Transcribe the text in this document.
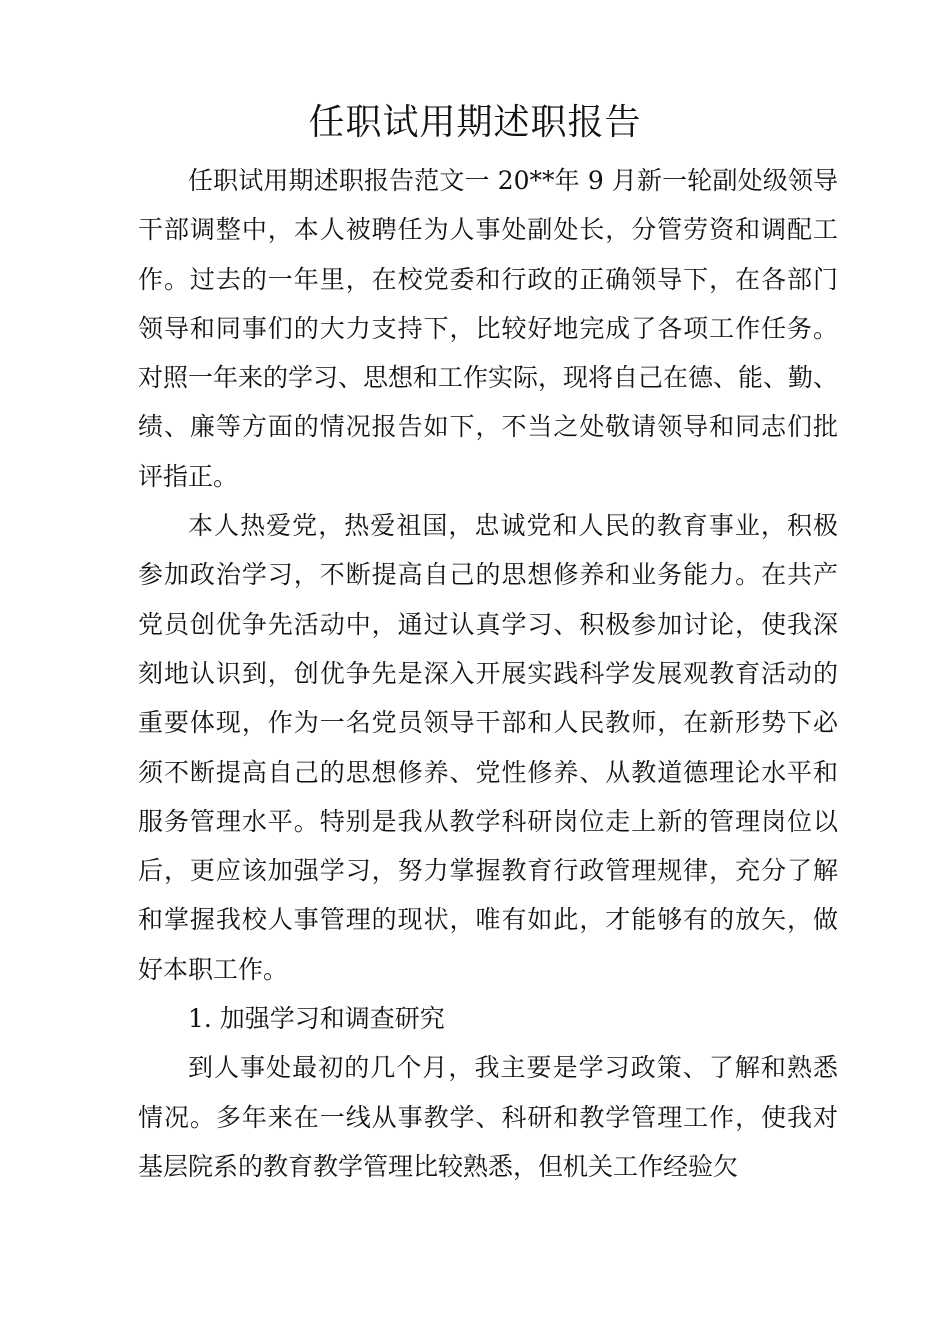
任职试用期述职报告
任职试用期述职报告范文一 20**年 9 月新一轮副处级领导
干部调整中，本人被聘任为人事处副处长，分管劳资和调配工
作。过去的一年里，在校党委和行政的正确领导下，在各部门
领导和同事们的大力支持下，比较好地完成了各项工作任务。
对照一年来的学习、思想和工作实际，现将自己在德、能、勤、
绩、廉等方面的情况报告如下，不当之处敬请领导和同志们批
评指正。
本人热爱党，热爱祖国，忠诚党和人民的教育事业，积极
参加政治学习，不断提高自己的思想修养和业务能力。在共产
党员创优争先活动中，通过认真学习、积极参加讨论，使我深
刻地认识到，创优争先是深入开展实践科学发展观教育活动的
重要体现，作为一名党员领导干部和人民教师，在新形势下必
须不断提高自己的思想修养、党性修养、从教道德理论水平和
服务管理水平。特别是我从教学科研岗位走上新的管理岗位以
后，更应该加强学习，努力掌握教育行政管理规律，充分了解
和掌握我校人事管理的现状，唯有如此，才能够有的放矢，做
好本职工作。
1. 加强学习和调查研究
到人事处最初的几个月，我主要是学习政策、了解和熟悉
情况。多年来在一线从事教学、科研和教学管理工作，使我对
基层院系的教育教学管理比较熟悉，但机关工作经验欠
